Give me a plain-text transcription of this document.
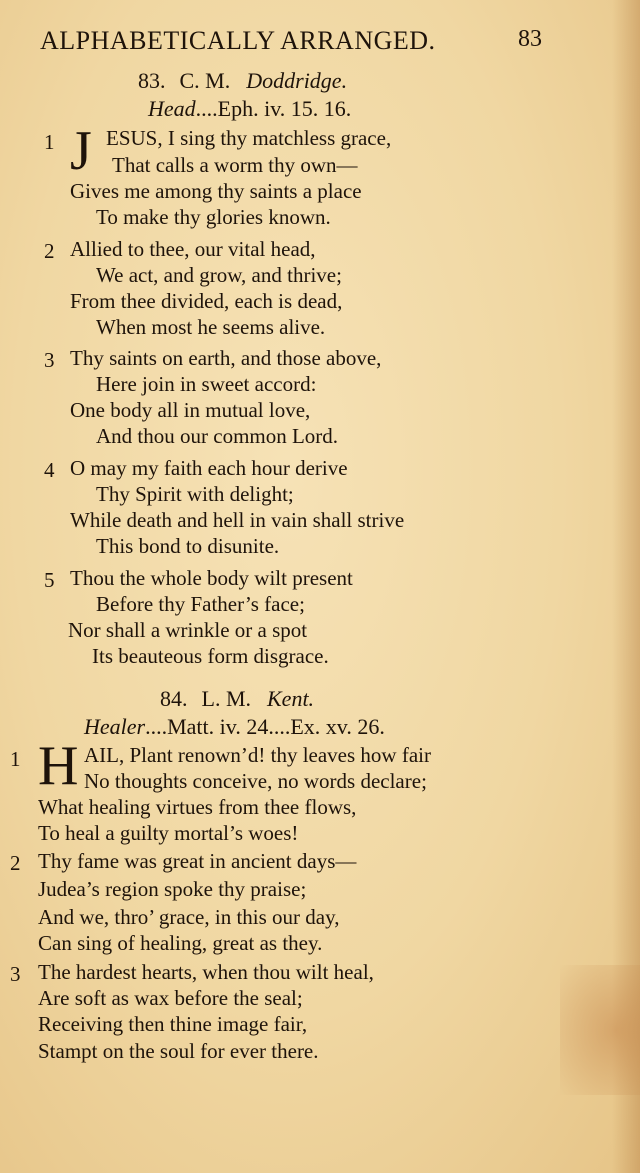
ALPHABETICALLY ARRANGED.	83
83. C. M. Doddridge.
Head....Eph. iv. 15. 16.
1 J ESUS, I sing thy matchless grace,
That calls a worm thy own—
Gives me among thy saints a place
To make thy glories known.
2 Allied to thee, our vital head,
We act, and grow, and thrive;
From thee divided, each is dead,
When most he seems alive.
3 Thy saints on earth, and those above,
Here join in sweet accord:
One body all in mutual love,
And thou our common Lord.
4 O may my faith each hour derive
Thy Spirit with delight;
While death and hell in vain shall strive
This bond to disunite.
5 Thou the whole body wilt present
Before thy Father’s face;
Nor shall a wrinkle or a spot
Its beauteous form disgrace.
84. L. M. Kent.
Healer....Matt. iv. 24....Ex. xv. 26.
1 H AIL, Plant renown’d! thy leaves how fair
No thoughts conceive, no words declare;
What healing virtues from thee flows,
To heal a guilty mortal’s woes!
2 Thy fame was great in ancient days—
Judea’s region spoke thy praise;
And we, thro’ grace, in this our day,
Can sing of healing, great as they.
3 The hardest hearts, when thou wilt heal,
Are soft as wax before the seal;
Receiving then thine image fair,
Stampt on the soul for ever there.
